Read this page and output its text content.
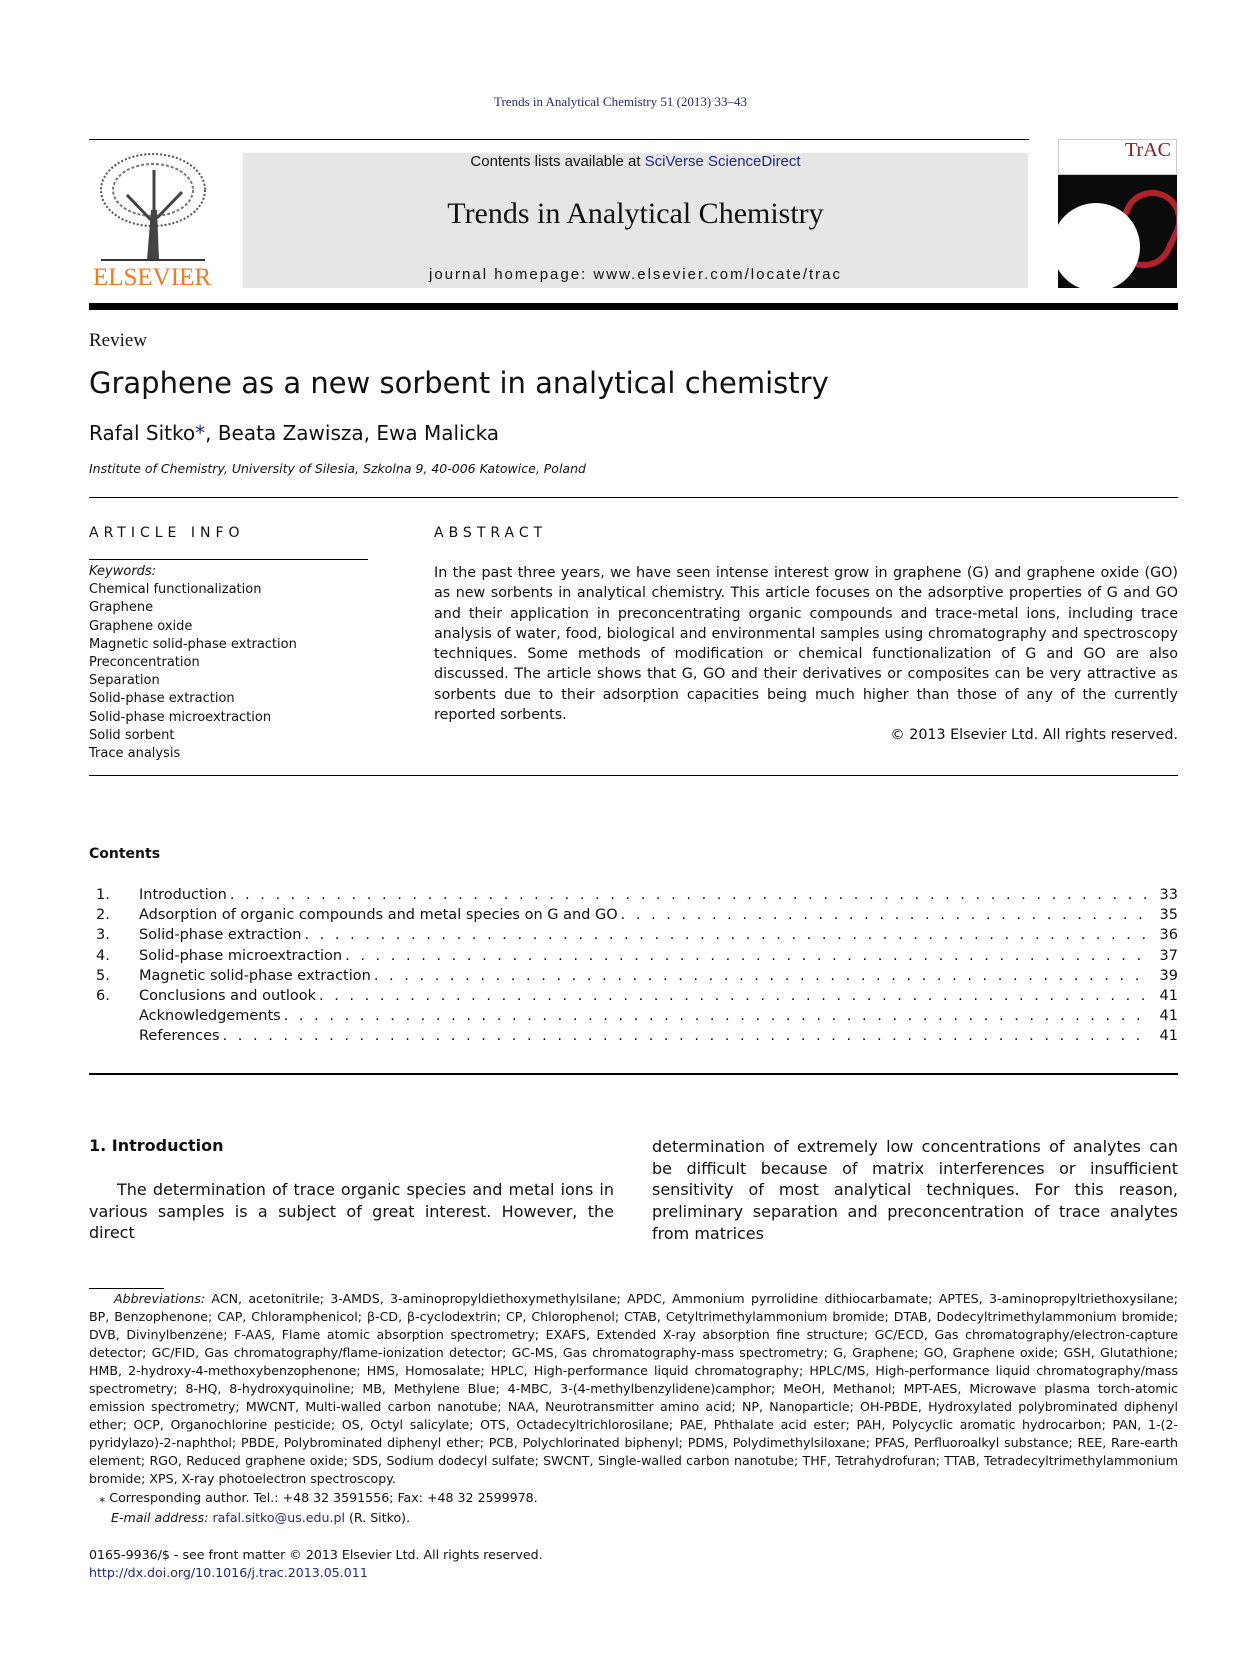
Trends in Analytical Chemistry 51 (2013) 33–43
ELSEVIER
Contents lists available at SciVerse ScienceDirect
Trends in Analytical Chemistry
journal homepage: www.elsevier.com/locate/trac
TrAC
Review
Graphene as a new sorbent in analytical chemistry
Rafal Sitko*, Beata Zawisza, Ewa Malicka
Institute of Chemistry, University of Silesia, Szkolna 9, 40-006 Katowice, Poland
ARTICLE INFO
Keywords:
Chemical functionalization
Graphene
Graphene oxide
Magnetic solid-phase extraction
Preconcentration
Separation
Solid-phase extraction
Solid-phase microextraction
Solid sorbent
Trace analysis
ABSTRACT
In the past three years, we have seen intense interest grow in graphene (G) and graphene oxide (GO) as new sorbents in analytical chemistry. This article focuses on the adsorptive properties of G and GO and their application in preconcentrating organic compounds and trace-metal ions, including trace analysis of water, food, biological and environmental samples using chromatography and spectroscopy techniques. Some methods of modification or chemical functionalization of G and GO are also discussed. The article shows that G, GO and their derivatives or composites can be very attractive as sorbents due to their adsorption capacities being much higher than those of any of the currently reported sorbents.
© 2013 Elsevier Ltd. All rights reserved.
Contents
1.	Introduction . . .	33
2.	Adsorption of organic compounds and metal species on G and GO . . .	35
3.	Solid-phase extraction . . .	36
4.	Solid-phase microextraction . . .	37
5.	Magnetic solid-phase extraction . . .	39
6.	Conclusions and outlook . . .	41
Acknowledgements . . .	41
References . . .	41
1. Introduction
The determination of trace organic species and metal ions in various samples is a subject of great interest. However, the direct
determination of extremely low concentrations of analytes can be difficult because of matrix interferences or insufficient sensitivity of most analytical techniques. For this reason, preliminary separation and preconcentration of trace analytes from matrices
Abbreviations: ACN, acetonitrile; 3-AMDS, 3-aminopropyldiethoxymethylsilane; APDC, Ammonium pyrrolidine dithiocarbamate; APTES, 3-aminopropyltriethoxysilane; BP, Benzophenone; CAP, Chloramphenicol; β-CD, β-cyclodextrin; CP, Chlorophenol; CTAB, Cetyltrimethylammonium bromide; DTAB, Dodecyltrimethylammonium bromide; DVB, Divinylbenzene; F-AAS, Flame atomic absorption spectrometry; EXAFS, Extended X-ray absorption fine structure; GC/ECD, Gas chromatography/electron-capture detector; GC/FID, Gas chromatography/flame-ionization detector; GC-MS, Gas chromatography-mass spectrometry; G, Graphene; GO, Graphene oxide; GSH, Glutathione; HMB, 2-hydroxy-4-methoxybenzophenone; HMS, Homosalate; HPLC, High-performance liquid chromatography; HPLC/MS, High-performance liquid chromatography/mass spectrometry; 8-HQ, 8-hydroxyquinoline; MB, Methylene Blue; 4-MBC, 3-(4-methylbenzylidene)camphor; MeOH, Methanol; MPT-AES, Microwave plasma torch-atomic emission spectrometry; MWCNT, Multi-walled carbon nanotube; NAA, Neurotransmitter amino acid; NP, Nanoparticle; OH-PBDE, Hydroxylated polybrominated diphenyl ether; OCP, Organochlorine pesticide; OS, Octyl salicylate; OTS, Octadecyltrichlorosilane; PAE, Phthalate acid ester; PAH, Polycyclic aromatic hydrocarbon; PAN, 1-(2-pyridylazo)-2-naphthol; PBDE, Polybrominated diphenyl ether; PCB, Polychlorinated biphenyl; PDMS, Polydimethylsiloxane; PFAS, Perfluoroalkyl substance; REE, Rare-earth element; RGO, Reduced graphene oxide; SDS, Sodium dodecyl sulfate; SWCNT, Single-walled carbon nanotube; THF, Tetrahydrofuran; TTAB, Tetradecyltrimethylammonium bromide; XPS, X-ray photoelectron spectroscopy.
⁎ Corresponding author. Tel.: +48 32 3591556; Fax: +48 32 2599978.
E-mail address: rafal.sitko@us.edu.pl (R. Sitko).
0165-9936/$ - see front matter © 2013 Elsevier Ltd. All rights reserved.
http://dx.doi.org/10.1016/j.trac.2013.05.011
